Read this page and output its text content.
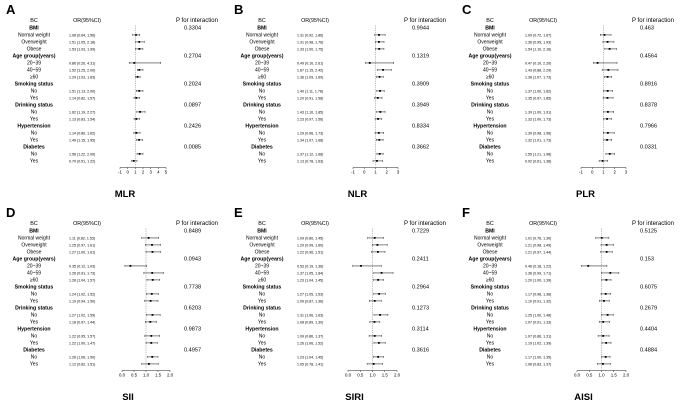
A
BC	OR(95%CI)	P for interaction
BMI	0.3304
Normal weight	1.08 (0.64, 1.56)
Overweight	1.51 (1.05, 2.18)
Obese	1.53 (1.03, 1.99)
Age group(years)	0.2704
20~39	0.86 (0.20, 4.31)
40~59	1.52 (1.25, 2.00)
≥60	1.29 (1.03, 1.63)
Smoking status	0.2024
No	1.51 (1.13, 2.00)
Yes	1.14 (0.82, 1.57)
Drinking status	0.0897
No	1.62 (1.19, 2.27)
Yes	1.13 (0.83, 1.54)
Hypertension	0.2426
No	1.14 (0.80, 1.62)
Yes	1.49 (1.15, 1.95)
Diabetes	0.0085
No	1.56 (1.22, 2.00)
Yes	0.79 (0.51, 1.22)
-1 0 1 2 3 4 5
MLR
B
BC	OR(95%CI)	P for interaction
BMI	0.9944
Normal weight	1.31 (0.92, 1.86)
Overweight	1.31 (0.98, 1.76)
Obese	1.33 (1.00, 1.75)
Age group(years)	0.1319
20~39	0.49 (0.10, 2.61)
40~59	1.67 (1.15, 2.42)
≥60	1.36 (1.09, 1.69)
Smoking status	0.3909
No	1.40 (1.11, 1.78)
Yes	1.20 (0.91, 1.58)
Drinking status	0.3949
No	1.43 (1.10, 1.85)
Yes	1.23 (0.97, 1.56)
Hypertension	0.8334
No	1.29 (0.96, 1.73)
Yes	1.34 (1.07, 1.68)
Diabetes	0.3662
No	1.37 (1.12, 1.68)
Yes	1.13 (0.78, 1.63)
-1 0 1 2 3
NLR
C
BC	OR(95%CI)	P for interaction
BMI	0.463
Normal weight	1.09 (0.72, 1.67)
Overweight	1.36 (0.95, 1.93)
Obese	1.54 (1.10, 2.16)
Age group(years)	0.4564
20~39	0.47 (0.10, 2.20)
40~59	1.43 (0.88, 2.29)
≥60	1.36 (1.07, 1.73)
Smoking status	0.8916
No	1.37 (1.00, 1.82)
Yes	1.35 (0.97, 1.85)
Drinking status	0.8378
No	1.39 (1.00, 1.91)
Yes	1.32 (1.00, 1.73)
Hypertension	0.7966
No	1.39 (0.98, 1.96)
Yes	1.32 (1.01, 1.73)
Diabetes	0.0331
No	1.55 (1.21, 1.98)
Yes	0.92 (0.61, 1.38)
-1 0 1 2 3
PLR
D
BC	OR(95%CI)	P for interaction
BMI	0.8489
Normal weight	1.11 (0.82, 1.53)
Overweight	1.25 (0.97, 1.61)
Obese	1.27 (1.00, 1.61)
Age group(years)	0.0943
20~39	0.35 (0.12, 1.03)
40~59	1.26 (0.91, 1.73)
≥60	1.28 (1.04, 1.57)
Smoking status	0.7738
No	1.24 (1.02, 1.52)
Yes	1.19 (0.94, 1.50)
Drinking status	0.6203
No	1.27 (1.02, 1.59)
Yes	1.18 (0.97, 1.44)
Hypertension	0.9873
No	1.22 (0.95, 1.57)
Yes	1.22 (1.00, 1.47)
Diabetes	0.4957
No	1.26 (1.06, 1.50)
Yes	1.12 (0.82, 1.51)
0.0 0.5 1.0 1.5 2.0
SII
E
BC	OR(95%CI)	P for interaction
BMI	0.7229
Normal weight	1.09 (0.80, 1.45)
Overweight	1.20 (0.99, 1.60)
Obese	1.22 (0.96, 1.51)
Age group(years)	0.2411
20~39	0.53 (0.19, 1.36)
40~59	1.37 (1.05, 1.84)
≥60	1.23 (1.04, 1.45)
Smoking status	0.2964
No	1.27 (1.05, 1.53)
Yes	1.09 (0.87, 1.36)
Drinking status	0.1273
No	1.31 (1.06, 1.63)
Yes	1.08 (0.89, 1.30)
Hypertension	0.3114
No	1.09 (0.86, 1.37)
Yes	1.26 (1.06, 1.52)
Diabetes	0.3616
No	1.23 (1.04, 1.45)
Yes	1.05 (0.78, 1.41)
0.0 0.5 1.0 1.5 2.0
SIRI
F
BC	OR(95%CI)	P for interaction
BMI	0.5125
Normal weight	1.01 (0.76, 1.30)
Overweight	1.21 (0.98, 1.49)
Obese	1.21 (0.97, 1.44)
Age group(years)	0.153
20~39	0.46 (0.18, 1.22)
40~59	1.36 (0.99, 1.71)
≥60	1.20 (1.00, 1.39)
Smoking status	0.6075
No	1.17 (0.98, 1.38)
Yes	1.10 (0.91, 1.32)
Drinking status	0.2679
No	1.25 (1.00, 1.48)
Yes	1.07 (0.91, 1.33)
Hypertension	0.4404
No	1.07 (0.86, 1.31)
Yes	1.19 (1.02, 1.39)
Diabetes	0.4884
No	1.17 (1.00, 1.35)
Yes	1.06 (0.83, 1.37)
0.0 0.5 1.0 1.5 2.0
AISI
